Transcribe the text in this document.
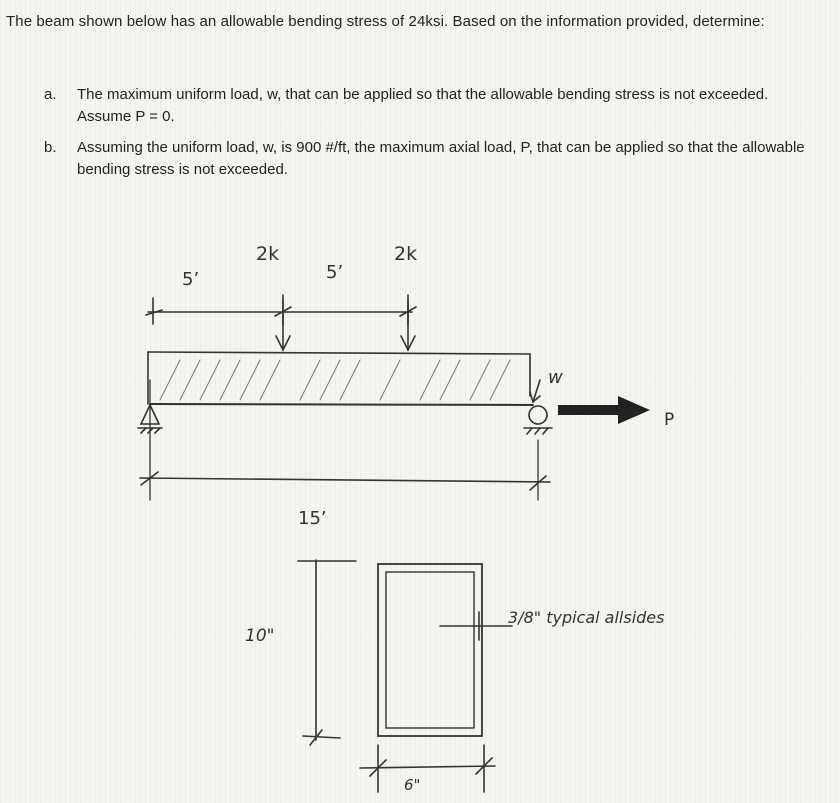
The beam shown below has an allowable bending stress of 24ksi. Based on the information provided, determine:
a. The maximum uniform load, w, that can be applied so that the allowable bending stress is not exceeded. Assume P = 0.
b. Assuming the uniform load, w, is 900 #/ft, the maximum axial load, P, that can be applied so that the allowable bending stress is not exceeded.
2k	2k
5’	5’
15’
w
P
10"
6"
3/8" typical allsides
